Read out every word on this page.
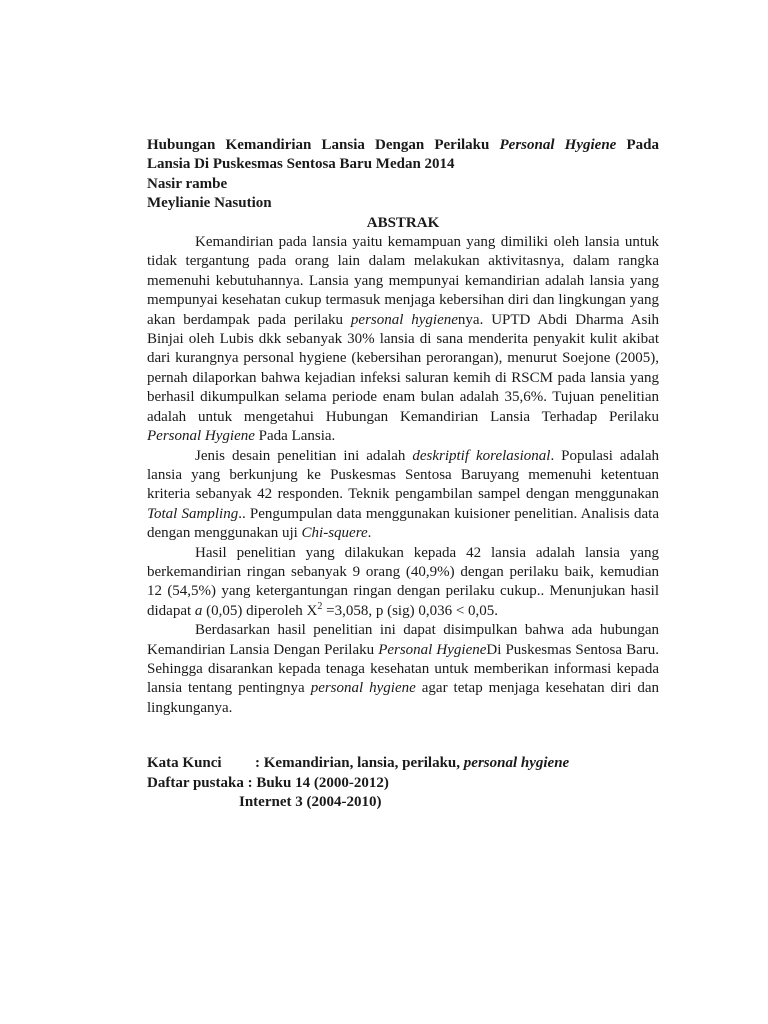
Hubungan Kemandirian Lansia Dengan Perilaku Personal Hygiene Pada
Lansia Di Puskesmas Sentosa Baru Medan 2014
Nasir rambe
Meylianie Nasution
ABSTRAK

Kemandirian pada lansia yaitu kemampuan yang dimiliki oleh lansia untuk tidak tergantung pada orang lain dalam melakukan aktivitasnya, dalam rangka memenuhi kebutuhannya. Lansia yang mempunyai kemandirian adalah lansia yang mempunyai kesehatan cukup termasuk menjaga kebersihan diri dan lingkungan yang akan berdampak pada perilaku personal hygienenya. UPTD Abdi Dharma Asih Binjai oleh Lubis dkk sebanyak 30% lansia di sana menderita penyakit kulit akibat dari kurangnya personal hygiene (kebersihan perorangan), menurut Soejone (2005), pernah dilaporkan bahwa kejadian infeksi saluran kemih di RSCM pada lansia yang berhasil dikumpulkan selama periode enam bulan adalah 35,6%. Tujuan penelitian adalah untuk mengetahui Hubungan Kemandirian Lansia Terhadap Perilaku Personal Hygiene Pada Lansia.

Jenis desain penelitian ini adalah deskriptif korelasional. Populasi adalah lansia yang berkunjung ke Puskesmas Sentosa Baruyang memenuhi ketentuan kriteria sebanyak 42 responden. Teknik pengambilan sampel dengan menggunakan Total Sampling.. Pengumpulan data menggunakan kuisioner penelitian. Analisis data dengan menggunakan uji Chi-squere.

Hasil penelitian yang dilakukan kepada 42 lansia adalah lansia yang berkemandirian ringan sebanyak 9 orang (40,9%) dengan perilaku baik, kemudian 12 (54,5%) yang ketergantungan ringan dengan perilaku cukup.. Menunjukan hasil didapat a (0,05) diperoleh $X^2 =3,058$, p (sig) 0,036 < 0,05.

Berdasarkan hasil penelitian ini dapat disimpulkan bahwa ada hubungan Kemandirian Lansia Dengan Perilaku Personal HygieneDi Puskesmas Sentosa Baru. Sehingga disarankan kepada tenaga kesehatan untuk memberikan informasi kepada lansia tentang pentingnya personal hygiene agar tetap menjaga kesehatan diri dan lingkunganya.

Kata Kunci	: Kemandirian, lansia, perilaku, personal hygiene
Daftar pustaka : Buku 14 (2000-2012)
Internet 3 (2004-2010)
